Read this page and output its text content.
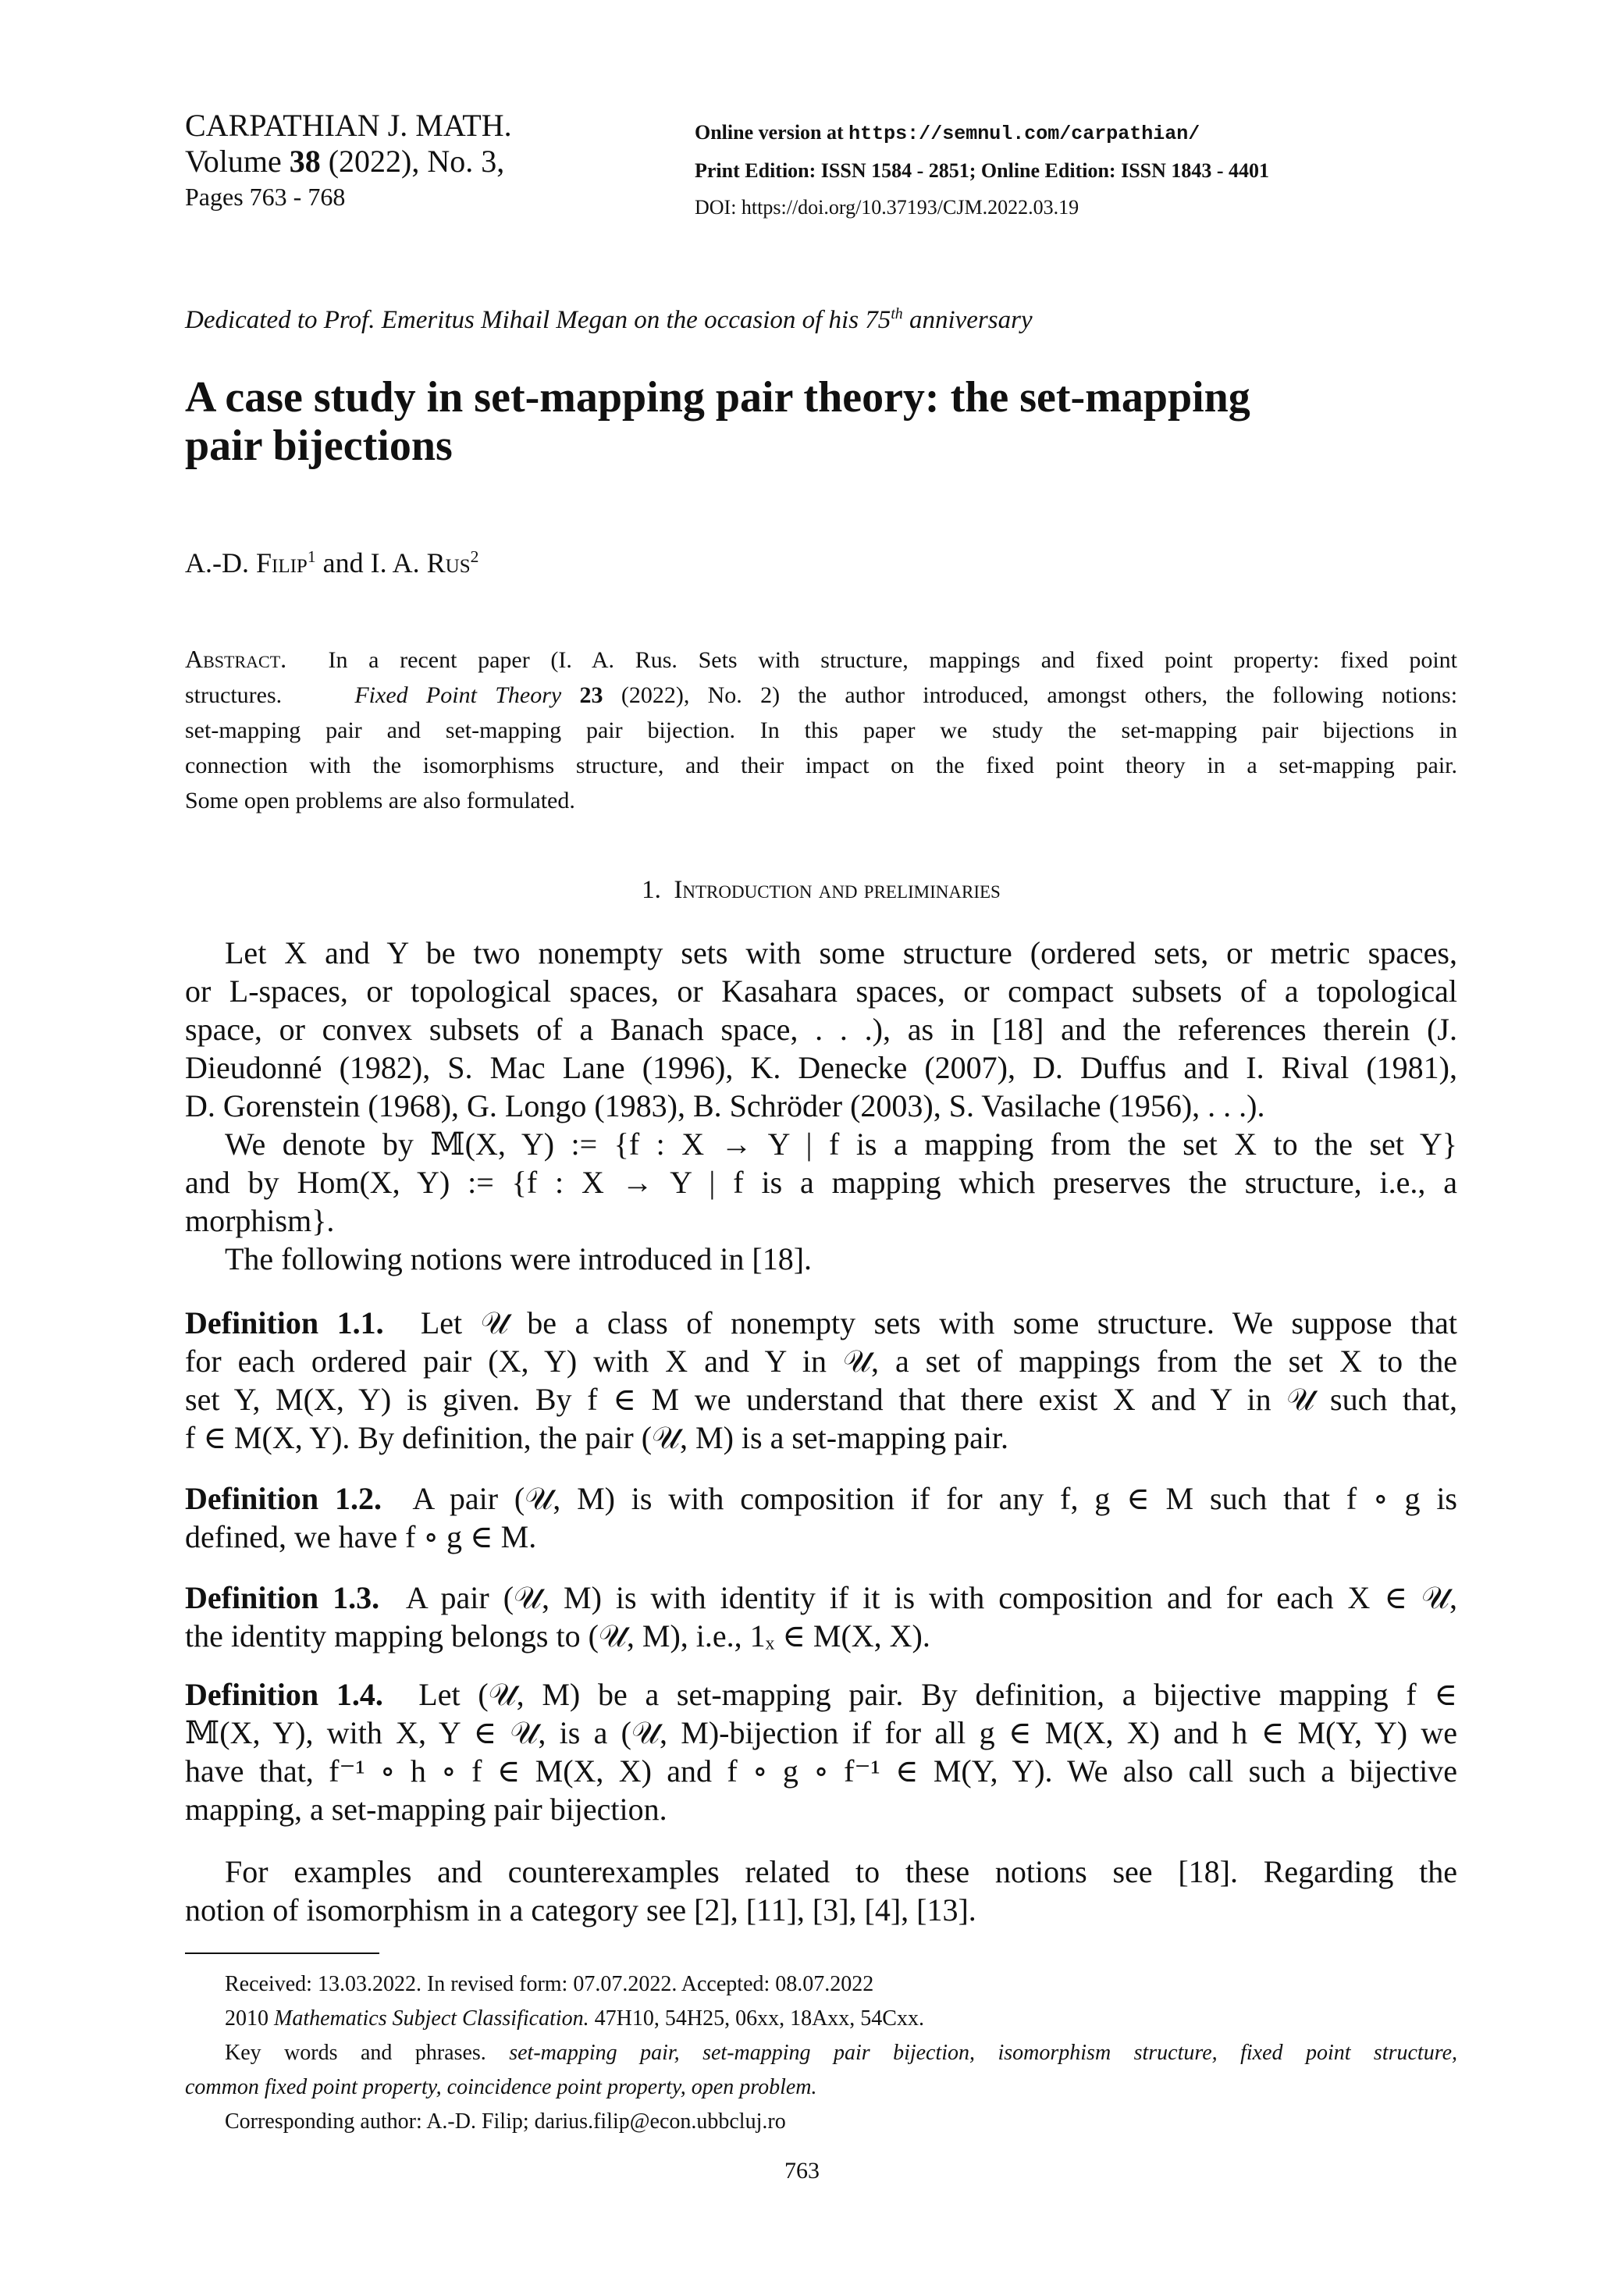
CARPATHIAN J. MATH.
Volume 38 (2022), No. 3,
Pages 763 - 768
Online version at https://semnul.com/carpathian/
Print Edition: ISSN 1584 - 2851; Online Edition: ISSN 1843 - 4401
DOI: https://doi.org/10.37193/CJM.2022.03.19
Dedicated to Prof. Emeritus Mihail Megan on the occasion of his 75th anniversary
A case study in set-mapping pair theory: the set-mapping
pair bijections
A.-D. Filip$^1$ and I. A. Rus$^2$
Abstract. In a recent paper (I. A. Rus. Sets with structure, mappings and fixed point property: fixed point
structures.	Fixed Point Theory 23 (2022), No. 2) the author introduced, amongst others, the following notions:
set-mapping pair and set-mapping pair bijection. In this paper we study the set-mapping pair bijections in
connection with the isomorphisms structure, and their impact on the fixed point theory in a set-mapping pair.
Some open problems are also formulated.
1. Introduction and preliminaries
Let X and Y be two nonempty sets with some structure (ordered sets, or metric spaces,
or L-spaces, or topological spaces, or Kasahara spaces, or compact subsets of a topological
space, or convex subsets of a Banach space, . . .), as in [18] and the references therein (J.
Dieudonné (1982), S. Mac Lane (1996), K. Denecke (2007), D. Duffus and I. Rival (1981),
D. Gorenstein (1968), G. Longo (1983), B. Schröder (2003), S. Vasilache (1956), . . .).
We denote by 𝕄(X, Y) := {f : X → Y | f is a mapping from the set X to the set Y}
and by Hom(X, Y) := {f : X → Y | f is a mapping which preserves the structure, i.e., a
morphism}.
The following notions were introduced in [18].
Definition 1.1. Let 𝒰 be a class of nonempty sets with some structure. We suppose that
for each ordered pair (X, Y) with X and Y in 𝒰, a set of mappings from the set X to the
set Y, M(X, Y) is given. By f ∈ M we understand that there exist X and Y in 𝒰 such that,
f ∈ M(X, Y). By definition, the pair (𝒰, M) is a set-mapping pair.
Definition 1.2. A pair (𝒰, M) is with composition if for any f, g ∈ M such that f ∘ g is
defined, we have f ∘ g ∈ M.
Definition 1.3. A pair (𝒰, M) is with identity if it is with composition and for each X ∈ 𝒰,
the identity mapping belongs to (𝒰, M), i.e., 1ₓ ∈ M(X, X).
Definition 1.4. Let (𝒰, M) be a set-mapping pair. By definition, a bijective mapping f ∈
𝕄(X, Y), with X, Y ∈ 𝒰, is a (𝒰, M)-bijection if for all g ∈ M(X, X) and h ∈ M(Y, Y) we
have that, f⁻¹ ∘ h ∘ f ∈ M(X, X) and f ∘ g ∘ f⁻¹ ∈ M(Y, Y). We also call such a bijective
mapping, a set-mapping pair bijection.
For examples and counterexamples related to these notions see [18]. Regarding the
notion of isomorphism in a category see [2], [11], [3], [4], [13].
Received: 13.03.2022. In revised form: 07.07.2022. Accepted: 08.07.2022
2010 Mathematics Subject Classification. 47H10, 54H25, 06xx, 18Axx, 54Cxx.
Key words and phrases. set-mapping pair, set-mapping pair bijection, isomorphism structure, fixed point structure,
common fixed point property, coincidence point property, open problem.
Corresponding author: A.-D. Filip; darius.filip@econ.ubbcluj.ro
763
